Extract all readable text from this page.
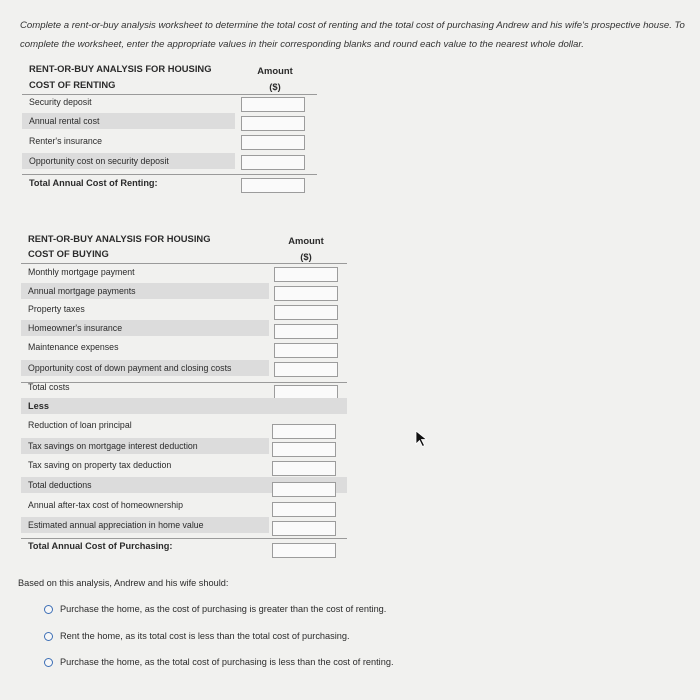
Complete a rent-or-buy analysis worksheet to determine the total cost of renting and the total cost of purchasing Andrew and his wife's prospective house. To complete the worksheet, enter the appropriate values in their corresponding blanks and round each value to the nearest whole dollar.
RENT-OR-BUY ANALYSIS FOR HOUSING
COST OF RENTING
Amount
($)
Security deposit
Annual rental cost
Renter's insurance
Opportunity cost on security deposit
Total Annual Cost of Renting:
RENT-OR-BUY ANALYSIS FOR HOUSING
COST OF BUYING
Amount
($)
Monthly mortgage payment
Annual mortgage payments
Property taxes
Homeowner's insurance
Maintenance expenses
Opportunity cost of down payment and closing costs
Total costs
Less
Reduction of loan principal
Tax savings on mortgage interest deduction
Tax saving on property tax deduction
Total deductions
Annual after-tax cost of homeownership
Estimated annual appreciation in home value
Total Annual Cost of Purchasing:
Based on this analysis, Andrew and his wife should:
Purchase the home, as the cost of purchasing is greater than the cost of renting.
Rent the home, as its total cost is less than the total cost of purchasing.
Purchase the home, as the total cost of purchasing is less than the cost of renting.
